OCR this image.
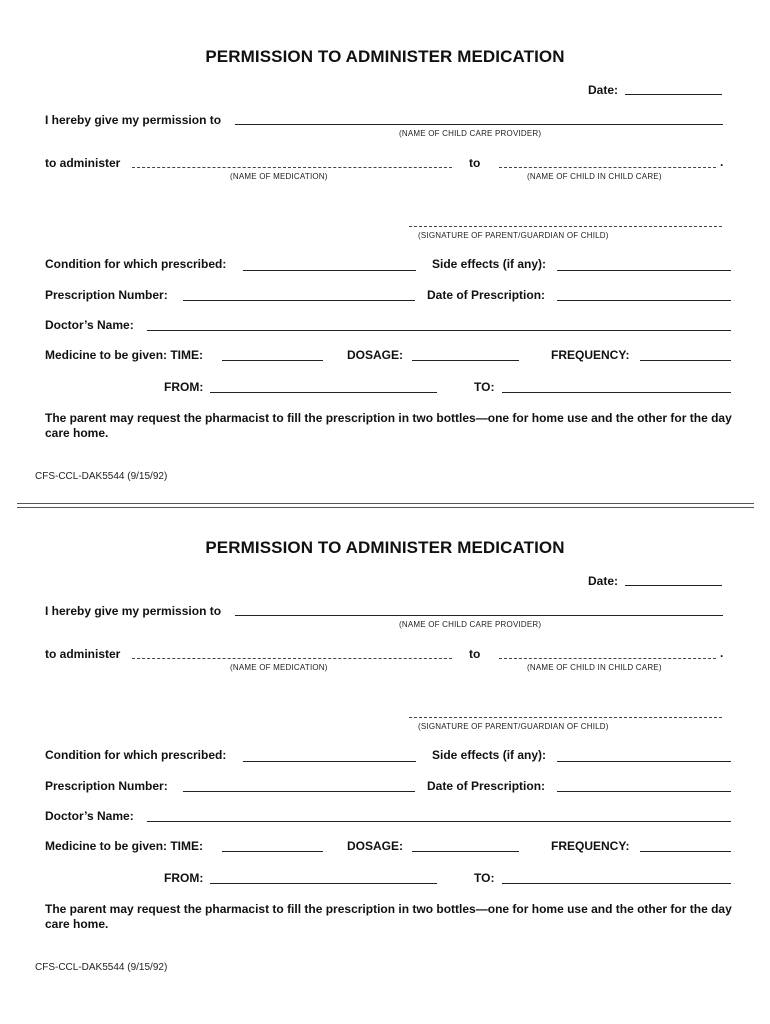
PERMISSION TO ADMINISTER MEDICATION
Date:
I hereby give my permission to
(NAME OF CHILD CARE PROVIDER)
to administer	to	.
(NAME OF MEDICATION)	(NAME OF CHILD IN CHILD CARE)
(SIGNATURE OF PARENT/GUARDIAN OF CHILD)
Condition for which prescribed:	Side effects (if any):
Prescription Number:	Date of Prescription:
Doctor’s Name:
Medicine to be given: TIME:	DOSAGE:	FREQUENCY:
FROM:	TO:
The parent may request the pharmacist to fill the prescription in two bottles—one for home use and the other for the day care home.
CFS-CCL-DAK5544 (9/15/92)
PERMISSION TO ADMINISTER MEDICATION
Date:
I hereby give my permission to
(NAME OF CHILD CARE PROVIDER)
to administer	to	.
(NAME OF MEDICATION)	(NAME OF CHILD IN CHILD CARE)
(SIGNATURE OF PARENT/GUARDIAN OF CHILD)
Condition for which prescribed:	Side effects (if any):
Prescription Number:	Date of Prescription:
Doctor’s Name:
Medicine to be given: TIME:	DOSAGE:	FREQUENCY:
FROM:	TO:
The parent may request the pharmacist to fill the prescription in two bottles—one for home use and the other for the day care home.
CFS-CCL-DAK5544 (9/15/92)
